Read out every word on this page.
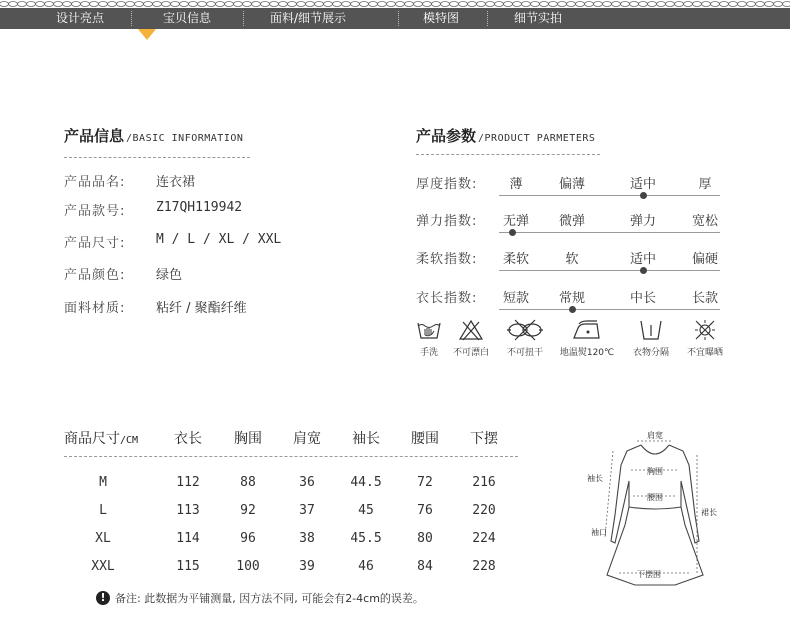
设计亮点	宝贝信息	面料/细节展示	模特图	细节实拍
产品信息 /BASIC INFORMATION
产品品名: 连衣裙
产品款号: Z17QH119942
产品尺寸: M / L / XL / XXL
产品颜色: 绿色
面料材质: 粘纤 / 聚酯纤维
产品参数 /PRODUCT PARMETERS
厚度指数:	薄	偏薄	适中	厚
弹力指数:	无弹	微弹	弹力	宽松
柔软指数:	柔软	软	适中	偏硬
衣长指数:	短款	常规	中长	长款
手洗	不可漂白	不可扭干	地温熨120℃	衣物分隔	不宜曝晒
商品尺寸/CM	衣长	胸围	肩宽	袖长	腰围	下摆
M	112	88	36	44.5	72	216
L	113	92	37	45	76	220
XL	114	96	38	45.5	80	224
XXL	115	100	39	46	84	228
! 备注: 此数据为平铺测量, 因方法不同, 可能会有2-4cm的误差。
肩宽
胸围
腰围
袖长
裙长
袖口
下摆围
